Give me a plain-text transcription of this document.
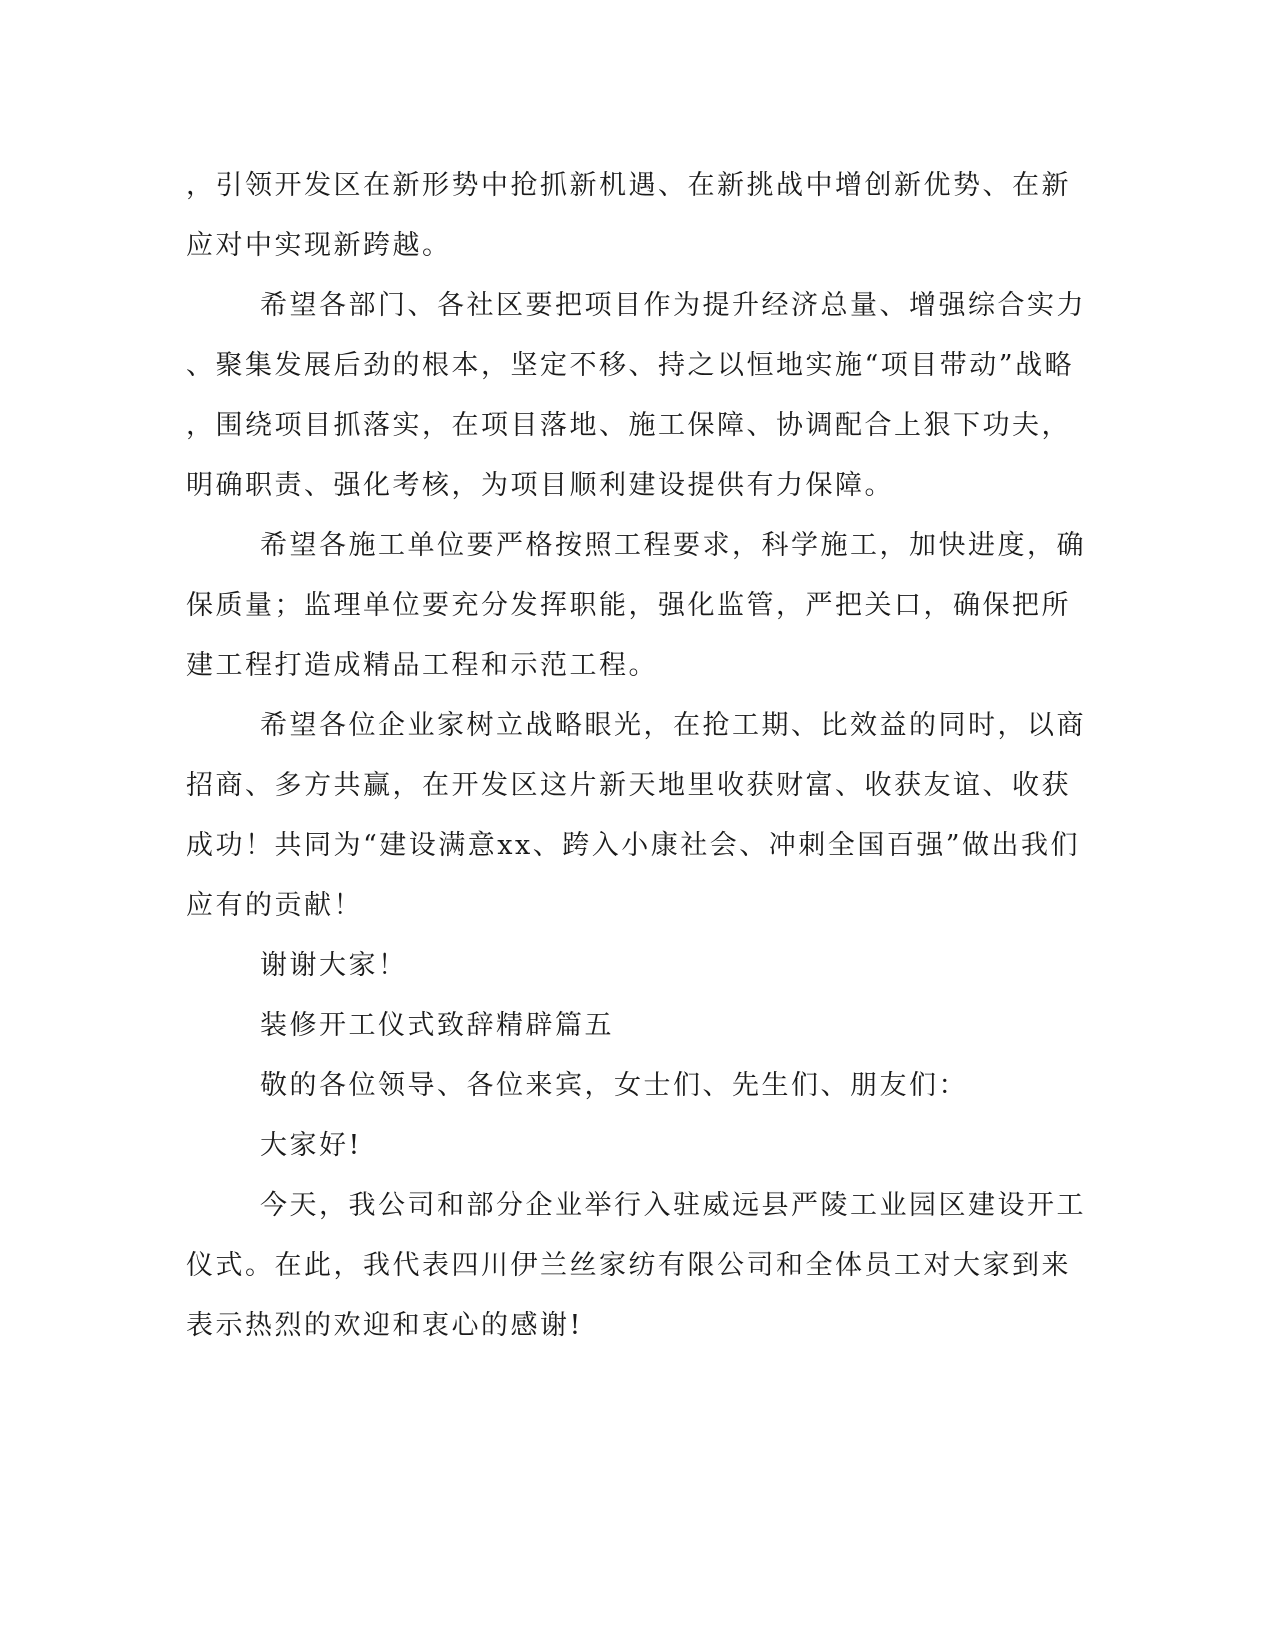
，引领开发区在新形势中抢抓新机遇、在新挑战中增创新优势、在新
应对中实现新跨越。
希望各部门、各社区要把项目作为提升经济总量、增强综合实力
、聚集发展后劲的根本，坚定不移、持之以恒地实施“项目带动”战略
，围绕项目抓落实，在项目落地、施工保障、协调配合上狠下功夫，
明确职责、强化考核，为项目顺利建设提供有力保障。
希望各施工单位要严格按照工程要求，科学施工，加快进度，确
保质量；监理单位要充分发挥职能，强化监管，严把关口，确保把所
建工程打造成精品工程和示范工程。
希望各位企业家树立战略眼光，在抢工期、比效益的同时，以商
招商、多方共赢，在开发区这片新天地里收获财富、收获友谊、收获
成功！共同为“建设满意xx、跨入小康社会、冲刺全国百强”做出我们
应有的贡献！
谢谢大家！
装修开工仪式致辞精辟篇五
敬的各位领导、各位来宾，女士们、先生们、朋友们：
大家好!
今天，我公司和部分企业举行入驻威远县严陵工业园区建设开工
仪式。在此，我代表四川伊兰丝家纺有限公司和全体员工对大家到来
表示热烈的欢迎和衷心的感谢!
